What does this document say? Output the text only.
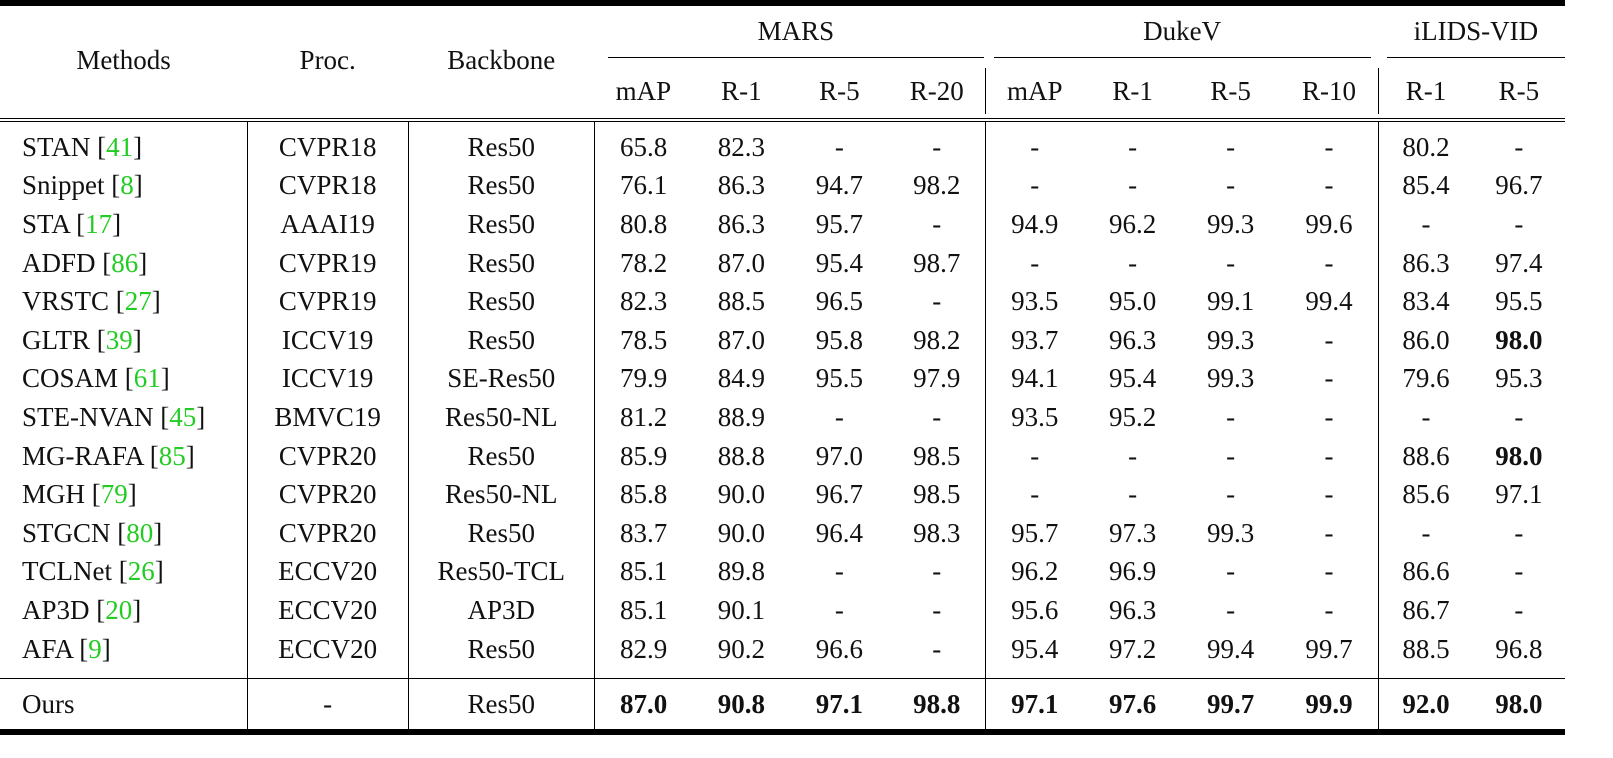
Methods	Proc.	Backbone	MARS				DukeV				iLIDS-VID	

			mAP	R-1	R-5	R-20	mAP	R-1	R-5	R-10	R-1	R-5

STAN [41]	CVPR18	Res50	65.8	82.3	-	-	-	-	-	-	80.2	-
Snippet [8]	CVPR18	Res50	76.1	86.3	94.7	98.2	-	-	-	-	85.4	96.7
STA [17]	AAAI19	Res50	80.8	86.3	95.7	-	94.9	96.2	99.3	99.6	-	-
ADFD [86]	CVPR19	Res50	78.2	87.0	95.4	98.7	-	-	-	-	86.3	97.4
VRSTC [27]	CVPR19	Res50	82.3	88.5	96.5	-	93.5	95.0	99.1	99.4	83.4	95.5
GLTR [39]	ICCV19	Res50	78.5	87.0	95.8	98.2	93.7	96.3	99.3	-	86.0	98.0
COSAM [61]	ICCV19	SE-Res50	79.9	84.9	95.5	97.9	94.1	95.4	99.3	-	79.6	95.3
STE-NVAN [45]	BMVC19	Res50-NL	81.2	88.9	-	-	93.5	95.2	-	-	-	-
MG-RAFA [85]	CVPR20	Res50	85.9	88.8	97.0	98.5	-	-	-	-	88.6	98.0
MGH [79]	CVPR20	Res50-NL	85.8	90.0	96.7	98.5	-	-	-	-	85.6	97.1
STGCN [80]	CVPR20	Res50	83.7	90.0	96.4	98.3	95.7	97.3	99.3	-	-	-
TCLNet [26]	ECCV20	Res50-TCL	85.1	89.8	-	-	96.2	96.9	-	-	86.6	-
AP3D [20]	ECCV20	AP3D	85.1	90.1	-	-	95.6	96.3	-	-	86.7	-
AFA [9]	ECCV20	Res50	82.9	90.2	96.6	-	95.4	97.2	99.4	99.7	88.5	96.8

Ours	-	Res50	87.0	90.8	97.1	98.8	97.1	97.6	99.7	99.9	92.0	98.0
